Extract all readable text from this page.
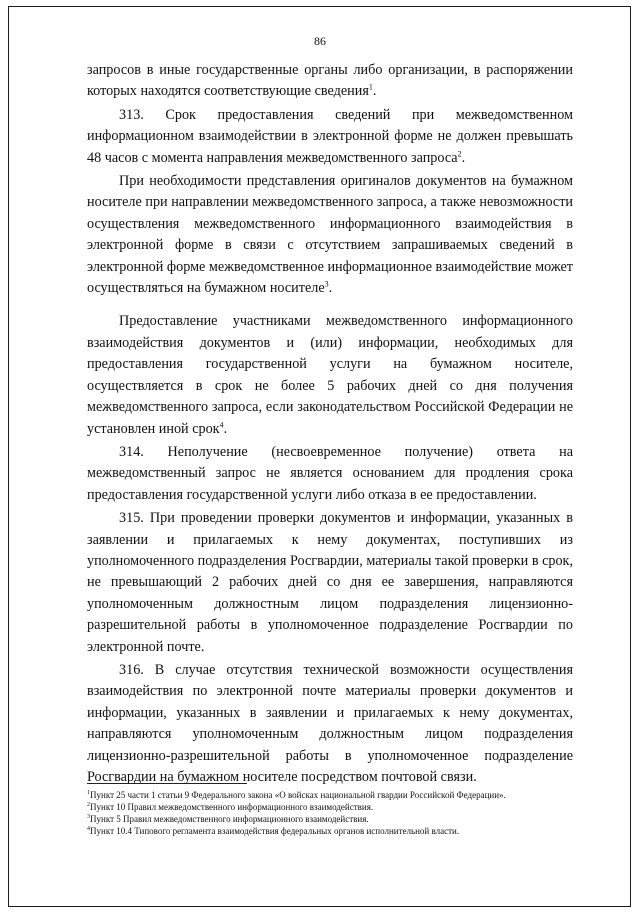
86

запросов в иные государственные органы либо организации, в распоряжении которых находятся соответствующие сведения$^1$.

313. Срок предоставления сведений при межведомственном информационном взаимодействии в электронной форме не должен превышать 48 часов с момента направления межведомственного запроса$^2$.

При необходимости представления оригиналов документов на бумажном носителе при направлении межведомственного запроса, а также невозможности осуществления межведомственного информационного взаимодействия в электронной форме в связи с отсутствием запрашиваемых сведений в электронной форме межведомственное информационное взаимодействие может осуществляться на бумажном носителе$^3$.

Предоставление участниками межведомственного информационного взаимодействия документов и (или) информации, необходимых для предоставления государственной услуги на бумажном носителе, осуществляется в срок не более 5 рабочих дней со дня получения межведомственного запроса, если законодательством Российской Федерации не установлен иной срок$^4$.

314. Неполучение (несвоевременное получение) ответа на межведомственный запрос не является основанием для продления срока предоставления государственной услуги либо отказа в ее предоставлении.

315. При проведении проверки документов и информации, указанных в заявлении и прилагаемых к нему документах, поступивших из уполномоченного подразделения Росгвардии, материалы такой проверки в срок, не превышающий 2 рабочих дней со дня ее завершения, направляются уполномоченным должностным лицом подразделения лицензионно-разрешительной работы в уполномоченное подразделение Росгвардии по электронной почте.

316. В случае отсутствия технической возможности осуществления взаимодействия по электронной почте материалы проверки документов и информации, указанных в заявлении и прилагаемых к нему документах, направляются уполномоченным должностным лицом подразделения лицензионно-разрешительной работы в уполномоченное подразделение Росгвардии на бумажном носителе посредством почтовой связи.

$^1$Пункт 25 части 1 статьи 9 Федерального закона «О войсках национальной гвардии Российской Федерации».
$^2$Пункт 10 Правил межведомственного информационного взаимодействия.
$^3$Пункт 5 Правил межведомственного информационного взаимодействия.
$^4$Пункт 10.4 Типового регламента взаимодействия федеральных органов исполнительной власти.
